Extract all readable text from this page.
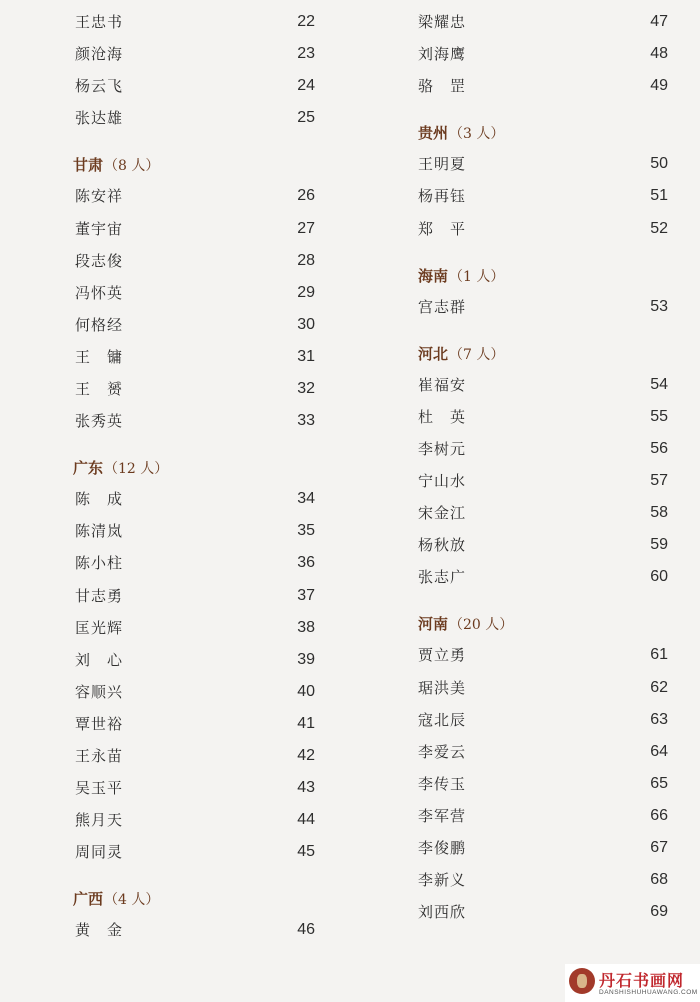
王忠书	22
颜沧海	23
杨云飞	24
张达雄	25
甘肃（8 人）
陈安祥	26
董宇宙	27
段志俊	28
冯怀英	29
何格经	30
王　镛	31
王　赟	32
张秀英	33
广东（12 人）
陈　成	34
陈清岚	35
陈小柱	36
甘志勇	37
匡光辉	38
刘　心	39
容顺兴	40
覃世裕	41
王永苗	42
吴玉平	43
熊月天	44
周同灵	45
广西（4 人）
黄　金	46
梁耀忠	47
刘海鹰	48
骆　罡	49
贵州（3 人）
王明夏	50
杨再钰	51
郑　平	52
海南（1 人）
宫志群	53
河北（7 人）
崔福安	54
杜　英	55
李树元	56
宁山水	57
宋金江	58
杨秋放	59
张志广	60
河南（20 人）
贾立勇	61
琚洪美	62
寇北辰	63
李爱云	64
李传玉	65
李军营	66
李俊鹏	67
李新义	68
刘西欣	69
丹石书画网
DANSHISHUHUAWANG.COM
